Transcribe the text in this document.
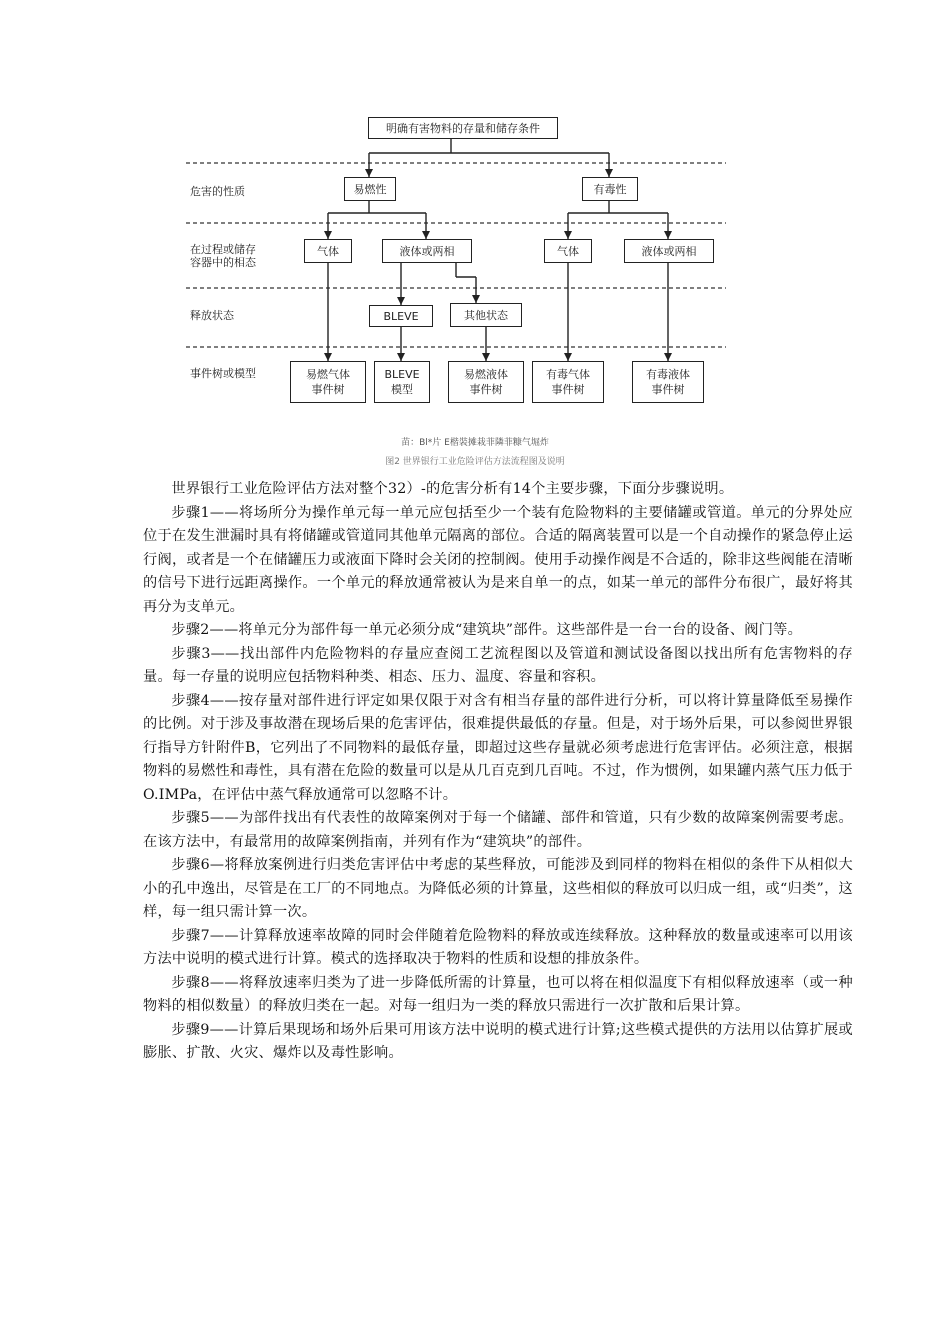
明确有害物料的存量和储存条件
危害的性质
在过程或储存
容器中的相态
释放状态
事件树或模型
易燃性	有毒性
气体	液体或两相	气体	液体或两相
BLEVE	其他状态
易燃气体
事件树
BLEVE
模型
易燃液体
事件树
有毒气体
事件树
有毒液体
事件树
苗：Bl*片 E楷裝摊栽菲隣菲糠气堀炸
图2 世界银行工业危险评估方法流程图及说明

世界银行工业危险评估方法对整个32）-的危害分析有14个主要步骤，下面分步骤说明。

步骤1——将场所分为操作单元每一单元应包括至少一个装有危险物料的主要储罐或管道。单元的分界处应位于在发生泄漏时具有将储罐或管道同其他单元隔离的部位。合适的隔离装置可以是一个自动操作的紧急停止运行阀，或者是一个在储罐压力或液面下降时会关闭的控制阀。使用手动操作阀是不合适的，除非这些阀能在清晰的信号下进行远距离操作。一个单元的释放通常被认为是来自单一的点，如某一单元的部件分布很广，最好将其再分为支单元。

步骤2——将单元分为部件每一单元必须分成“建筑块”部件。这些部件是一台一台的设备、阀门等。

步骤3——找出部件内危险物料的存量应查阅工艺流程图以及管道和测试设备图以找出所有危害物料的存量。每一存量的说明应包括物料种类、相态、压力、温度、容量和容积。

步骤4——按存量对部件进行评定如果仅限于对含有相当存量的部件进行分析，可以将计算量降低至易操作的比例。对于涉及事故潜在现场后果的危害评估，很难提供最低的存量。但是，对于场外后果，可以参阅世界银行指导方针附件B，它列出了不同物料的最低存量，即超过这些存量就必须考虑进行危害评估。必须注意，根据物料的易燃性和毒性，具有潜在危险的数量可以是从几百克到几百吨。不过，作为惯例，如果罐内蒸气压力低于O.IMPa，在评估中蒸气释放通常可以忽略不计。

步骤5——为部件找出有代表性的故障案例对于每一个储罐、部件和管道，只有少数的故障案例需要考虑。在该方法中，有最常用的故障案例指南，并列有作为“建筑块”的部件。

步骤6—将释放案例进行归类危害评估中考虑的某些释放，可能涉及到同样的物料在相似的条件下从相似大小的孔中逸出，尽管是在工厂的不同地点。为降低必须的计算量，这些相似的释放可以归成一组，或“归类”，这样，每一组只需计算一次。

步骤7——计算释放速率故障的同时会伴随着危险物料的释放或连续释放。这种释放的数量或速率可以用该方法中说明的模式进行计算。模式的选择取决于物料的性质和设想的排放条件。

步骤8——将释放速率归类为了进一步降低所需的计算量，也可以将在相似温度下有相似释放速率（或一种物料的相似数量）的释放归类在一起。对每一组归为一类的释放只需进行一次扩散和后果计算。

步骤9——计算后果现场和场外后果可用该方法中说明的模式进行计算;这些模式提供的方法用以估算扩展或膨胀、扩散、火灾、爆炸以及毒性影响。
